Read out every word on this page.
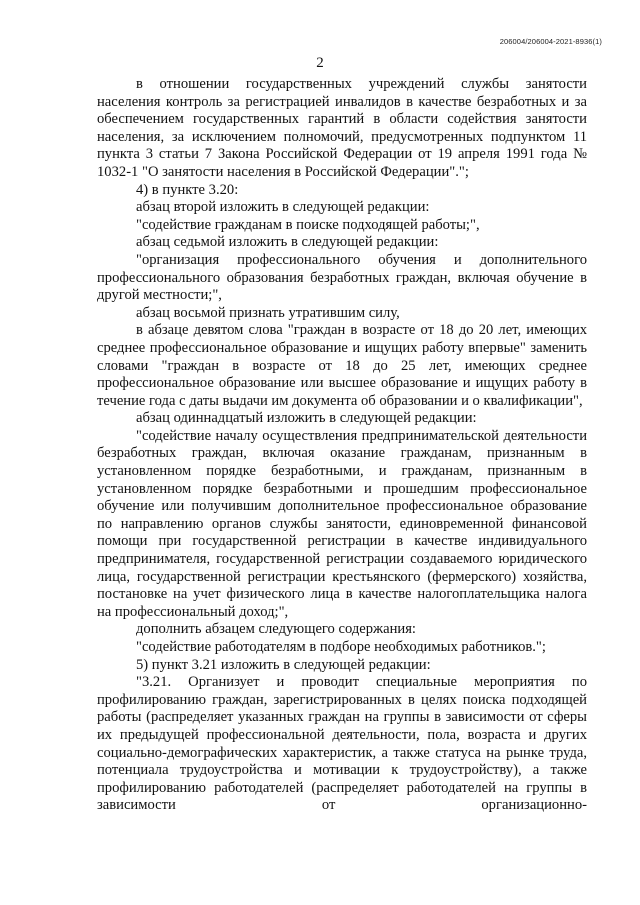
206004/206004-2021-8936(1)
2

в отношении государственных учреждений службы занятости населения контроль за регистрацией инвалидов в качестве безработных и за обеспечением государственных гарантий в области содействия занятости населения, за исключением полномочий, предусмотренных подпунктом 11 пункта 3 статьи 7 Закона Российской Федерации от 19 апреля 1991 года № 1032-1 "О занятости населения в Российской Федерации".";

4) в пункте 3.20:

абзац второй изложить в следующей редакции:

"содействие гражданам в поиске подходящей работы;",

абзац седьмой изложить в следующей редакции:

"организация профессионального обучения и дополнительного профессионального образования безработных граждан, включая обучение в другой местности;",

абзац восьмой признать утратившим силу,

в абзаце девятом слова "граждан в возрасте от 18 до 20 лет, имеющих среднее профессиональное образование и ищущих работу впервые" заменить словами "граждан в возрасте от 18 до 25 лет, имеющих среднее профессиональное образование или высшее образование и ищущих работу в течение года с даты выдачи им документа об образовании и о квалификации",

абзац одиннадцатый изложить в следующей редакции:

"содействие началу осуществления предпринимательской деятельности безработных граждан, включая оказание гражданам, признанным в установленном порядке безработными, и гражданам, признанным в установленном порядке безработными и прошедшим профессиональное обучение или получившим дополнительное профессиональное образование по направлению органов службы занятости, единовременной финансовой помощи при государственной регистрации в качестве индивидуального предпринимателя, государственной регистрации создаваемого юридического лица, государственной регистрации крестьянского (фермерского) хозяйства, постановке на учет физического лица в качестве налогоплательщика налога на профессиональный доход;",

дополнить абзацем следующего содержания:

"содействие работодателям в подборе необходимых работников.";

5) пункт 3.21 изложить в следующей редакции:

"3.21. Организует и проводит специальные мероприятия по профилированию граждан, зарегистрированных в целях поиска подходящей работы (распределяет указанных граждан на группы в зависимости от сферы их предыдущей профессиональной деятельности, пола, возраста и других социально-демографических характеристик, а также статуса на рынке труда, потенциала трудоустройства и мотивации к трудоустройству), а также профилированию работодателей (распределяет работодателей на группы в зависимости от организационно-
